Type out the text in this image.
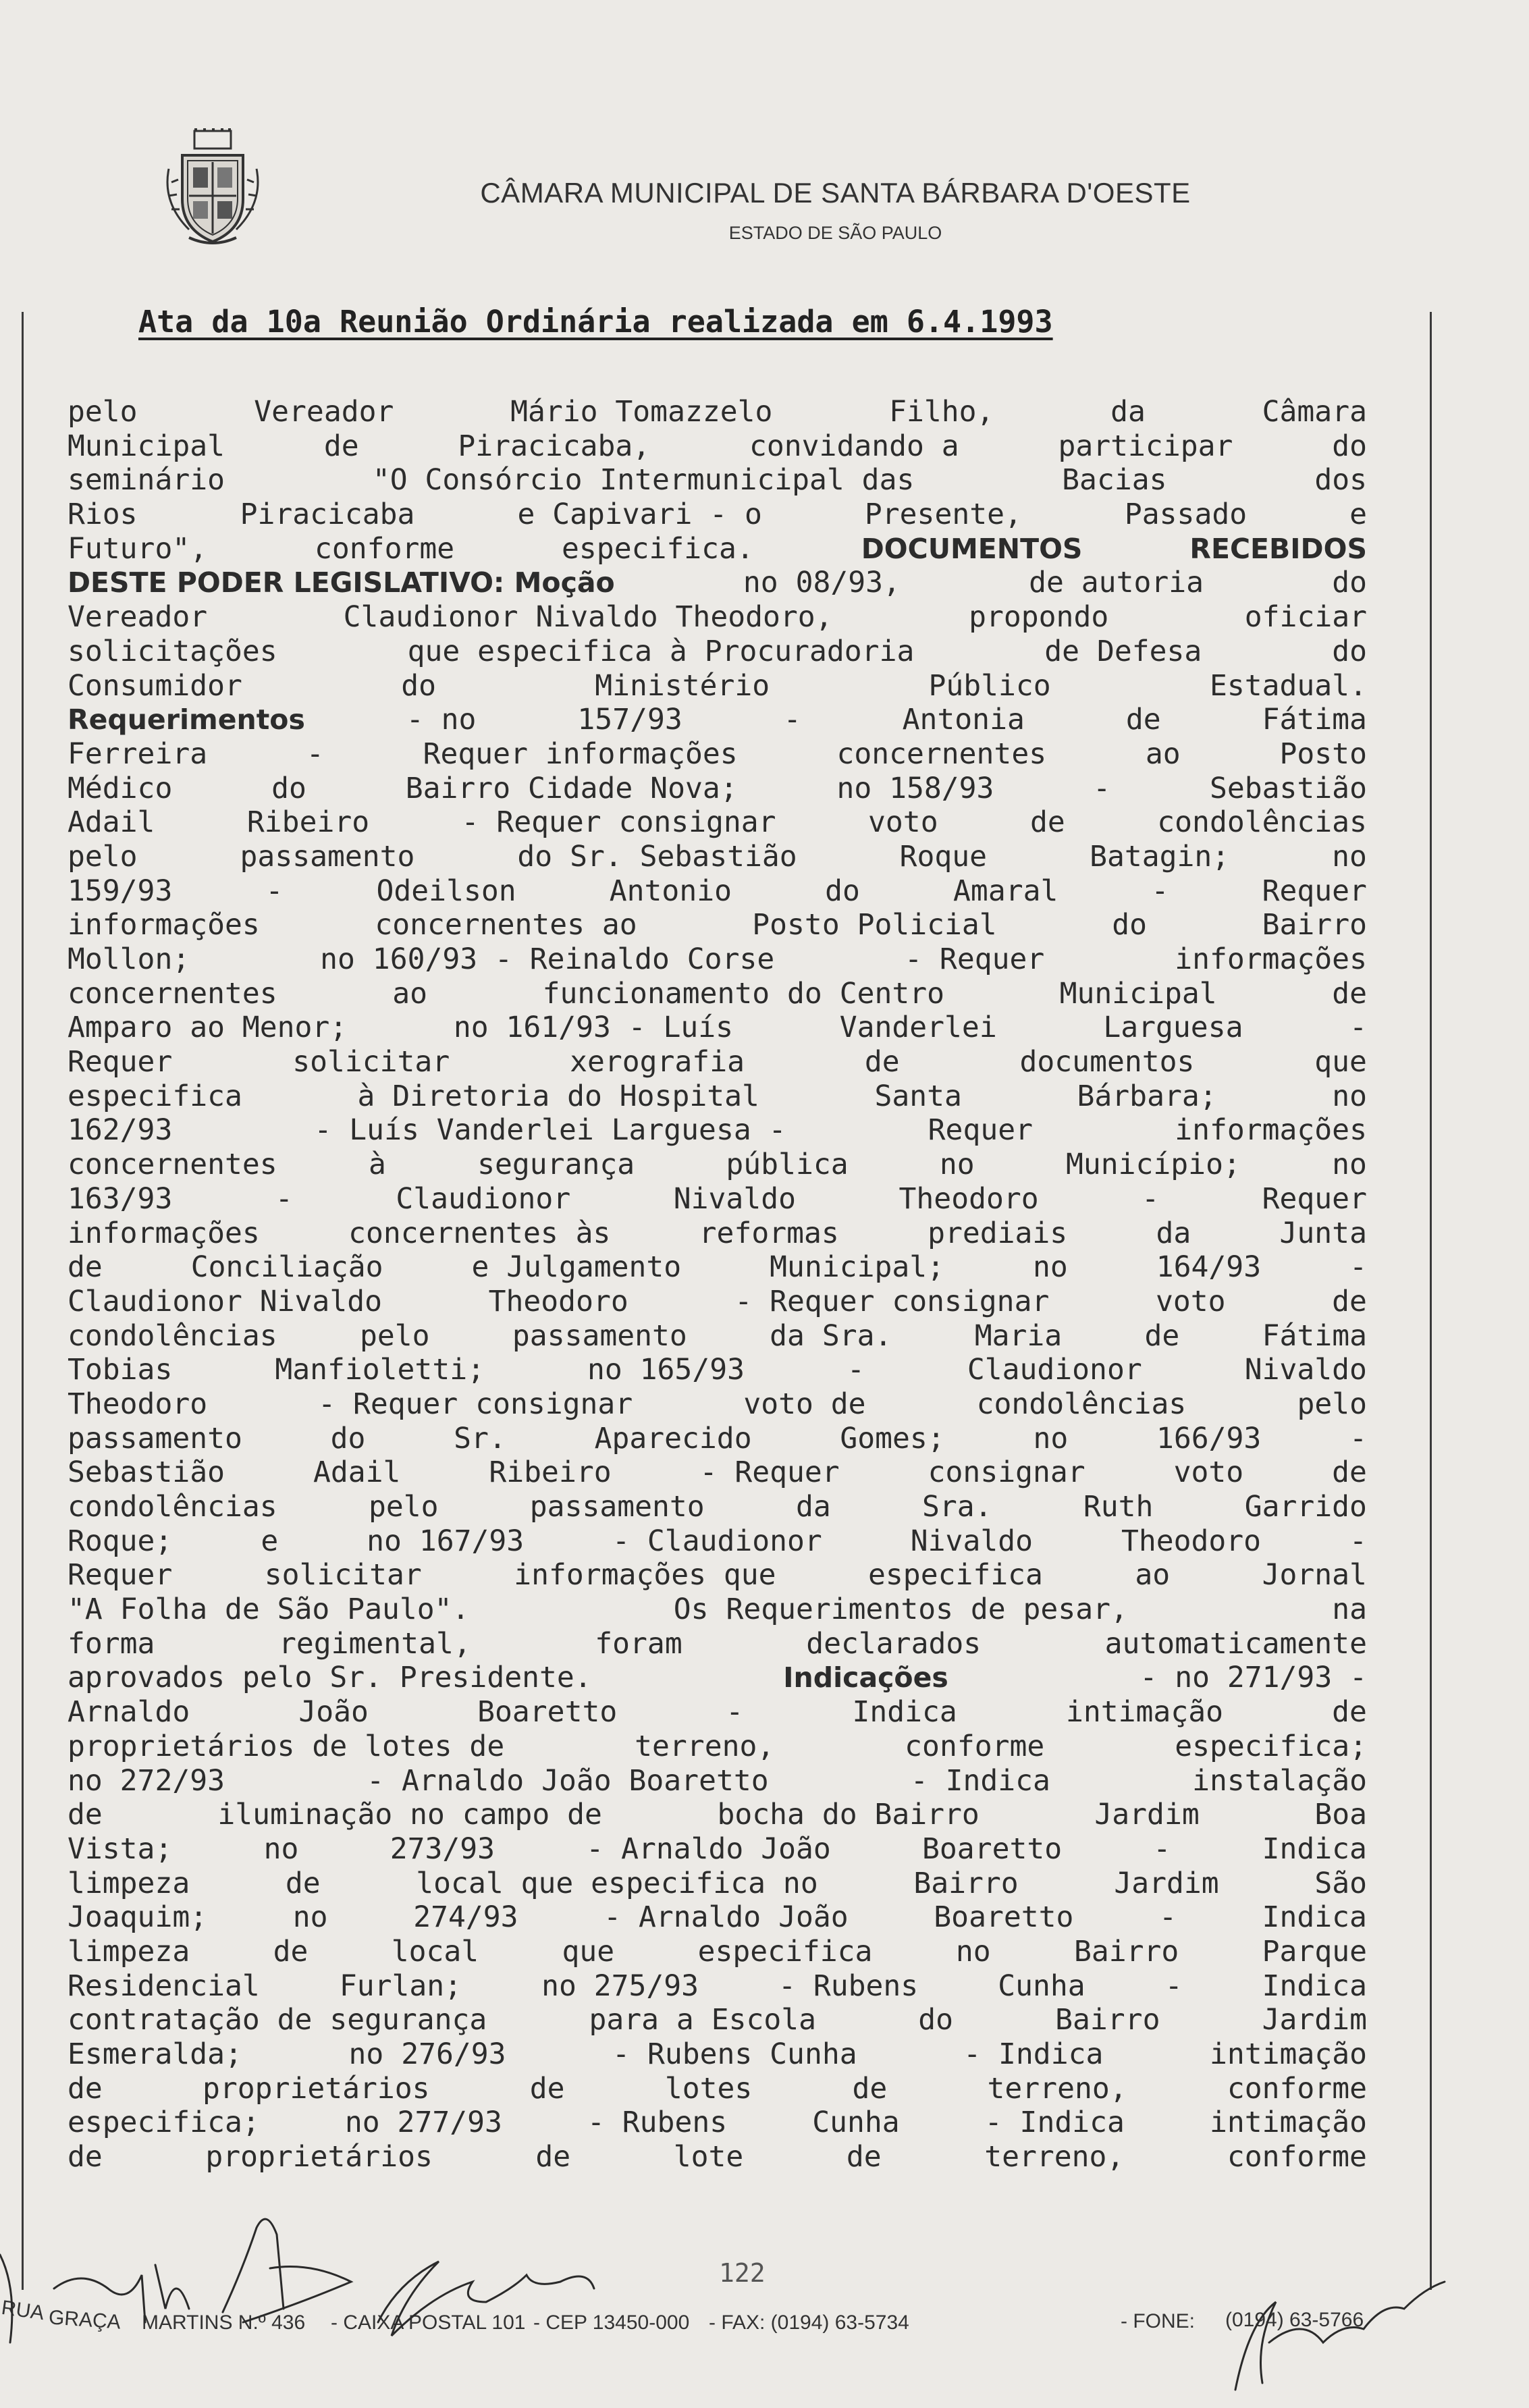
CÂMARA MUNICIPAL DE SANTA BÁRBARA D'OESTE
ESTADO DE SÃO PAULO
Ata da 10a Reunião Ordinária realizada em 6.4.1993
pelo	Vereador	Mário Tomazzelo	Filho,	da	Câmara
Municipal	de	Piracicaba,	convidando a	participar	do
seminário	"O Consórcio Intermunicipal das	Bacias	dos
Rios	Piracicaba	e Capivari - o	Presente,	Passado	e
Futuro",	conforme	especifica.	DOCUMENTOS	RECEBIDOS
DESTE PODER LEGISLATIVO: Moção	no 08/93,	de autoria	do
Vereador	Claudionor Nivaldo Theodoro,	propondo	oficiar
solicitações	que especifica à Procuradoria	de Defesa	do
Consumidor	do	Ministério	Público	Estadual.
Requerimentos	- no	157/93	-	Antonia	de	Fátima
Ferreira	-	Requer informações	concernentes	ao	Posto
Médico	do	Bairro Cidade Nova;	no 158/93	-	Sebastião
Adail	Ribeiro	- Requer consignar	voto	de	condolências
pelo	passamento	do Sr. Sebastião	Roque	Batagin;	no
159/93	-	Odeilson	Antonio	do	Amaral	-	Requer
informações	concernentes ao	Posto Policial	do	Bairro
Mollon;	no 160/93 - Reinaldo Corse	- Requer	informações
concernentes	ao	funcionamento do Centro	Municipal	de
Amparo ao Menor;	no 161/93 - Luís	Vanderlei	Larguesa	-
Requer	solicitar	xerografia	de	documentos	que
especifica	à Diretoria do Hospital	Santa	Bárbara;	no
162/93	- Luís Vanderlei Larguesa -	Requer	informações
concernentes	à	segurança	pública	no	Município;	no
163/93	-	Claudionor	Nivaldo	Theodoro	-	Requer
informações	concernentes às	reformas	prediais	da	Junta
de	Conciliação	e Julgamento	Municipal;	no	164/93	-
Claudionor Nivaldo	Theodoro	- Requer consignar	voto	de
condolências	pelo	passamento	da Sra.	Maria	de	Fátima
Tobias	Manfioletti;	no 165/93	-	Claudionor	Nivaldo
Theodoro	- Requer consignar	voto de	condolências	pelo
passamento	do	Sr.	Aparecido	Gomes;	no	166/93	-
Sebastião	Adail	Ribeiro	- Requer	consignar	voto	de
condolências	pelo	passamento	da	Sra.	Ruth	Garrido
Roque;	e	no 167/93	- Claudionor	Nivaldo	Theodoro	-
Requer	solicitar	informações que	especifica	ao	Jornal
"A Folha de São Paulo".	Os Requerimentos de pesar,	na
forma	regimental,	foram	declarados	automaticamente
aprovados pelo Sr. Presidente.	Indicações	- no 271/93 -
Arnaldo	João	Boaretto	-	Indica	intimação	de
proprietários de lotes de	terreno,	conforme	especifica;
no 272/93	- Arnaldo João Boaretto	- Indica	instalação
de	iluminação no campo de	bocha do Bairro	Jardim	Boa
Vista;	no	273/93	- Arnaldo João	Boaretto	-	Indica
limpeza	de	local que especifica no	Bairro	Jardim	São
Joaquim;	no	274/93	- Arnaldo João	Boaretto	-	Indica
limpeza	de	local	que	especifica	no	Bairro	Parque
Residencial	Furlan;	no 275/93	- Rubens	Cunha	-	Indica
contratação de segurança	para a Escola	do	Bairro	Jardim
Esmeralda;	no 276/93	- Rubens Cunha	- Indica	intimação
de	proprietários	de	lotes	de	terreno,	conforme
especifica;	no 277/93	- Rubens	Cunha	- Indica	intimação
de	proprietários	de	lote	de	terreno,	conforme
122
RUA GRAÇA MARTINS N.º 436 - CAIXA POSTAL 101 - CEP 13450-000 - FAX: (0194) 63-5734	- FONE: (0194) 63-5766
